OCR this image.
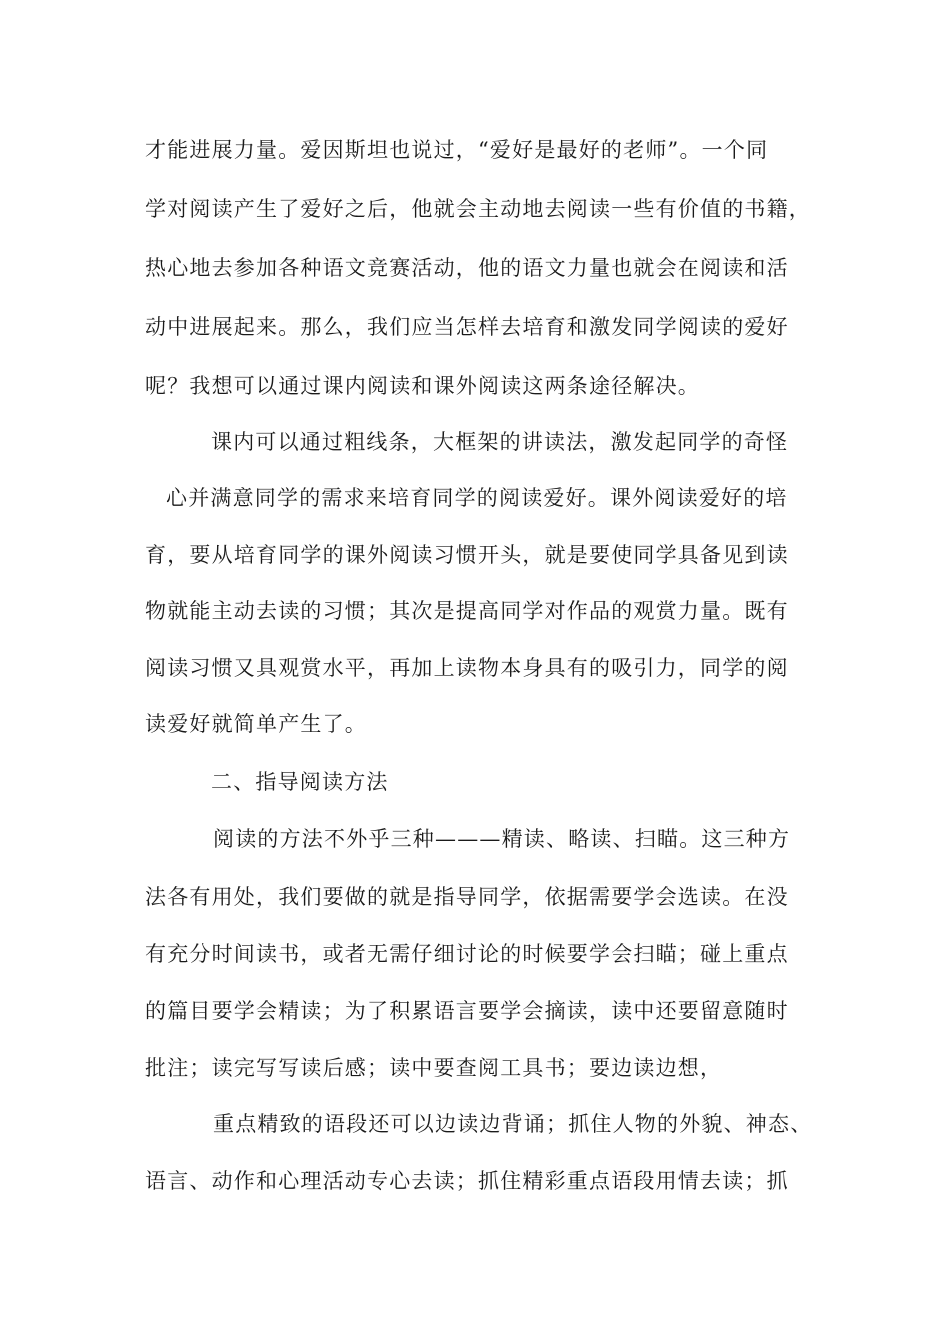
才能进展力量。爱因斯坦也说过，“爱好是最好的老师”。一个同
学对阅读产生了爱好之后，他就会主动地去阅读一些有价值的书籍，
热心地去参加各种语文竞赛活动，他的语文力量也就会在阅读和活
动中进展起来。那么，我们应当怎样去培育和激发同学阅读的爱好
呢？我想可以通过课内阅读和课外阅读这两条途径解决。
课内可以通过粗线条，大框架的讲读法，激发起同学的奇怪
心并满意同学的需求来培育同学的阅读爱好。课外阅读爱好的培
育，要从培育同学的课外阅读习惯开头，就是要使同学具备见到读
物就能主动去读的习惯；其次是提高同学对作品的观赏力量。既有
阅读习惯又具观赏水平，再加上读物本身具有的吸引力，同学的阅
读爱好就简单产生了。
二、指导阅读方法
阅读的方法不外乎三种———精读、略读、扫瞄。这三种方
法各有用处，我们要做的就是指导同学，依据需要学会选读。在没
有充分时间读书，或者无需仔细讨论的时候要学会扫瞄；碰上重点
的篇目要学会精读；为了积累语言要学会摘读，读中还要留意随时
批注；读完写写读后感；读中要查阅工具书；要边读边想，
重点精致的语段还可以边读边背诵；抓住人物的外貌、神态、
语言、动作和心理活动专心去读；抓住精彩重点语段用情去读；抓
